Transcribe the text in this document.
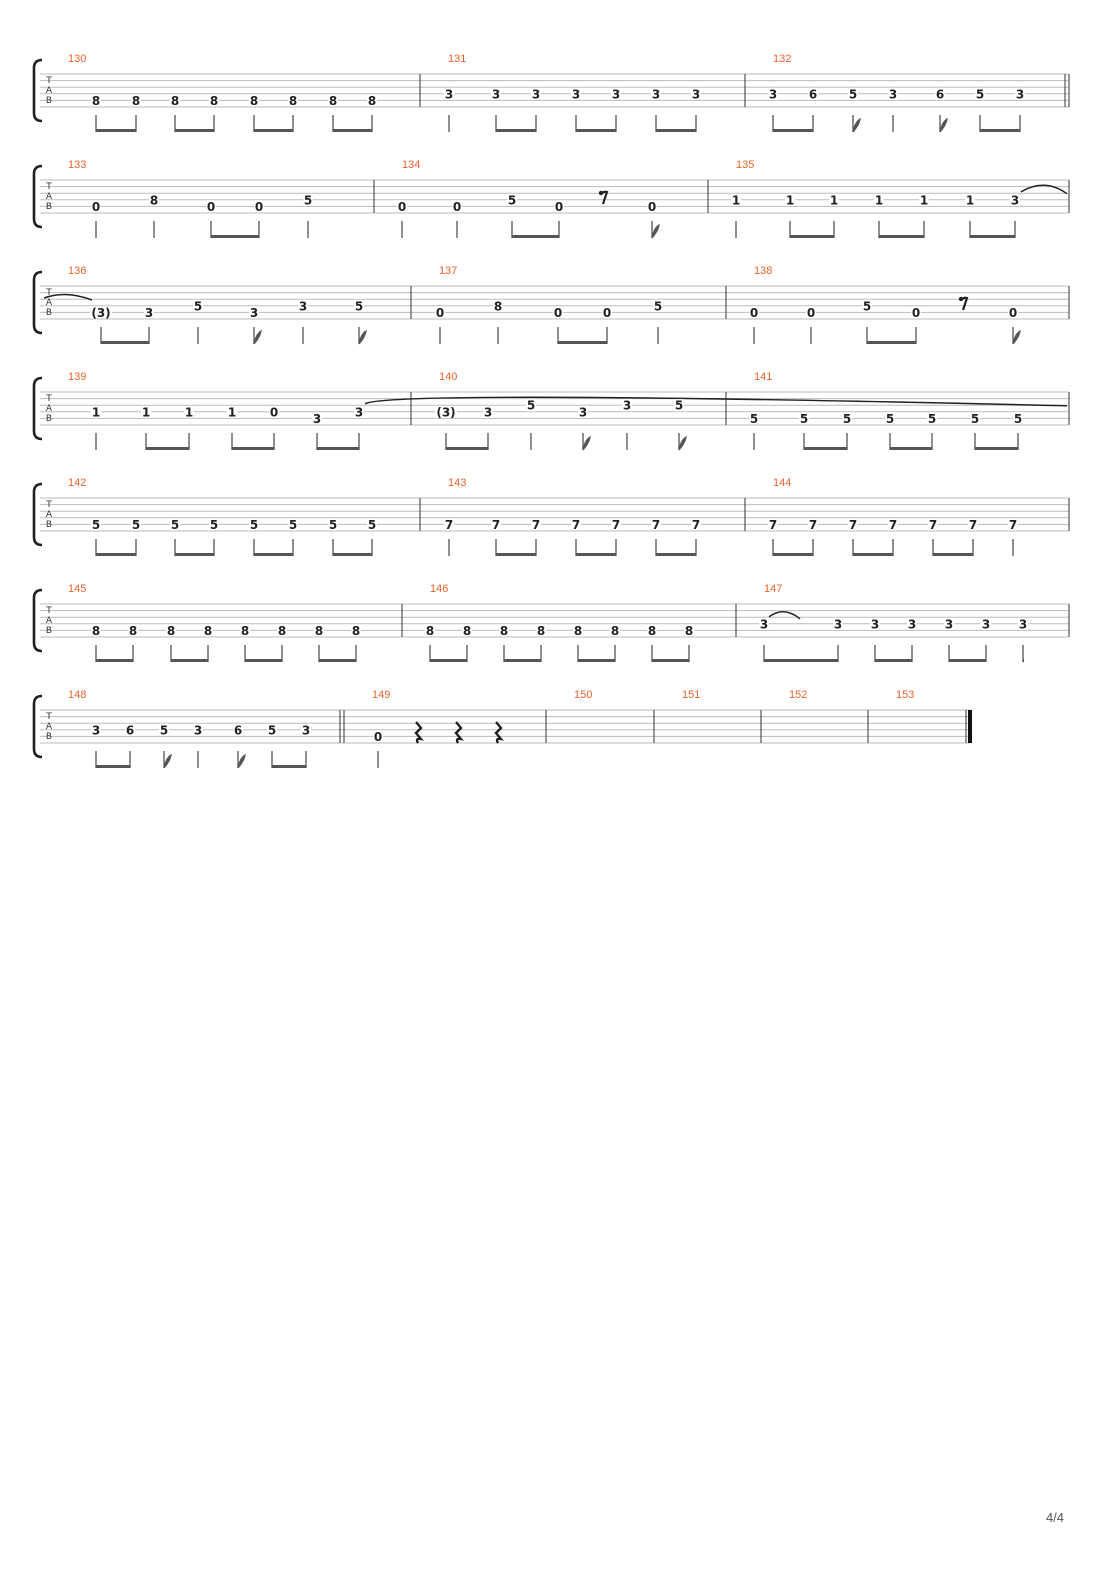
T
A
B
130
8	8	8	8	8	8	8	8
131
3	3	3	3	3	3	3
132
3	6	5	3	6	5	3
T
A
B
133
0	8	0	0	5
134
0	0	5	0	0
135
1	1	1	1	1	1	3
T
A
B
136
(3)	3	5	3	3	5
137
0	8	0	0	5
138
0	0	5	0	0
T
A
B
139
1	1	1	1	0	3	3
140
(3) 3	5	3	3	5
141
5	5	5	5	5	5	5
T
A
B
142
5	5	5	5	5	5	5	5
143
7	7	7	7	7	7	7
144
7	7	7	7	7	7	7
T
A
B
145
8 8 8 8 8 8 8 8
146
8 8 8 8 8 8 8 8
147
3	3 3 3 3 3 3
T
A
B
148
3 6 5 3	6 5 3
149
0
150	151	152	153
4/4
